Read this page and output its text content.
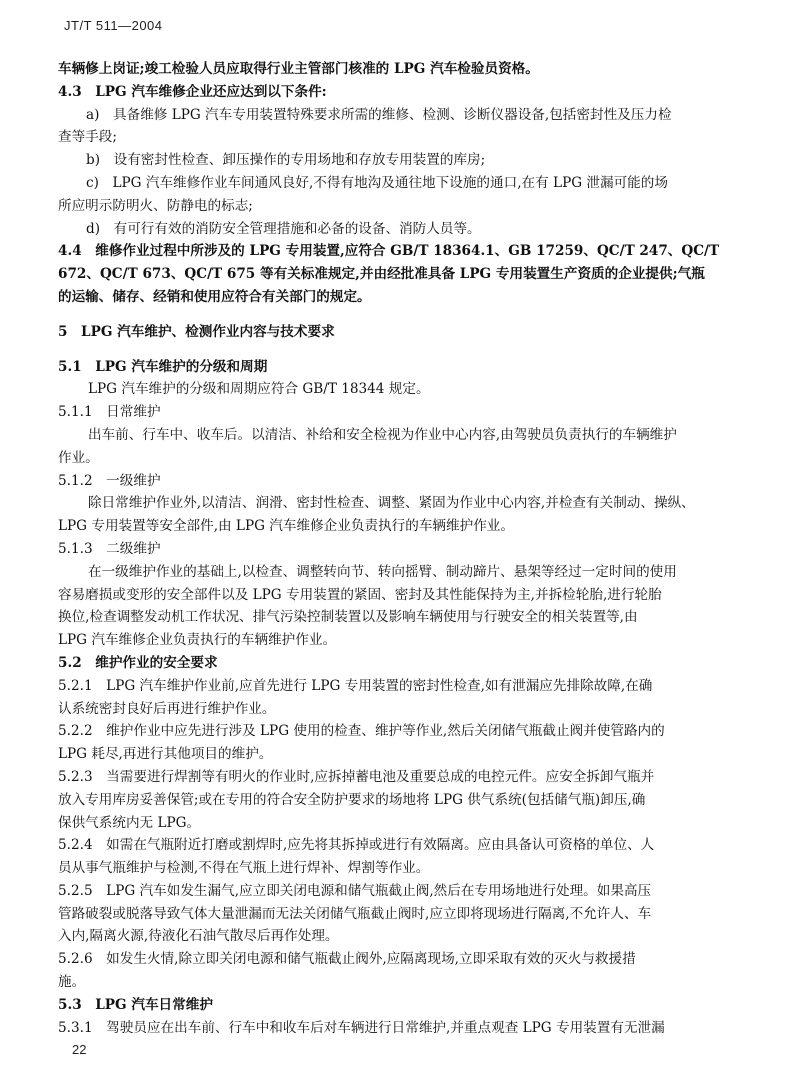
JT/T 511—2004
车辆修上岗证;竣工检验人员应取得行业主管部门核准的 LPG 汽车检验员资格。
4.3　LPG 汽车维修企业还应达到以下条件:
a)　具备维修 LPG 汽车专用装置特殊要求所需的维修、检测、诊断仪器设备,包括密封性及压力检
查等手段;
b)　设有密封性检查、卸压操作的专用场地和存放专用装置的库房;
c)　LPG 汽车维修作业车间通风良好,不得有地沟及通往地下设施的通口,在有 LPG 泄漏可能的场
所应明示防明火、防静电的标志;
d)　有可行有效的消防安全管理措施和必备的设备、消防人员等。
4.4　维修作业过程中所涉及的 LPG 专用装置,应符合 GB/T 18364.1、GB 17259、QC/T 247、QC/T
672、QC/T 673、QC/T 675 等有关标准规定,并由经批准具备 LPG 专用装置生产资质的企业提供;气瓶
的运输、储存、经销和使用应符合有关部门的规定。
5　LPG 汽车维护、检测作业内容与技术要求
5.1　LPG 汽车维护的分级和周期
LPG 汽车维护的分级和周期应符合 GB/T 18344 规定。
5.1.1　日常维护
出车前、行车中、收车后。以清洁、补给和安全检视为作业中心内容,由驾驶员负责执行的车辆维护
作业。
5.1.2　一级维护
除日常维护作业外,以清洁、润滑、密封性检查、调整、紧固为作业中心内容,并检查有关制动、操纵、
LPG 专用装置等安全部件,由 LPG 汽车维修企业负责执行的车辆维护作业。
5.1.3　二级维护
在一级维护作业的基础上,以检查、调整转向节、转向摇臂、制动蹄片、悬架等经过一定时间的使用
容易磨损或变形的安全部件以及 LPG 专用装置的紧固、密封及其性能保持为主,并拆检轮胎,进行轮胎
换位,检查调整发动机工作状况、排气污染控制装置以及影响车辆使用与行驶安全的相关装置等,由
LPG 汽车维修企业负责执行的车辆维护作业。
5.2　维护作业的安全要求
5.2.1　LPG 汽车维护作业前,应首先进行 LPG 专用装置的密封性检查,如有泄漏应先排除故障,在确
认系统密封良好后再进行维护作业。
5.2.2　维护作业中应先进行涉及 LPG 使用的检查、维护等作业,然后关闭储气瓶截止阀并使管路内的
LPG 耗尽,再进行其他项目的维护。
5.2.3　当需要进行焊割等有明火的作业时,应拆掉蓄电池及重要总成的电控元件。应安全拆卸气瓶并
放入专用库房妥善保管;或在专用的符合安全防护要求的场地将 LPG 供气系统(包括储气瓶)卸压,确
保供气系统内无 LPG。
5.2.4　如需在气瓶附近打磨或割焊时,应先将其拆掉或进行有效隔离。应由具备认可资格的单位、人
员从事气瓶维护与检测,不得在气瓶上进行焊补、焊割等作业。
5.2.5　LPG 汽车如发生漏气,应立即关闭电源和储气瓶截止阀,然后在专用场地进行处理。如果高压
管路破裂或脱落导致气体大量泄漏而无法关闭储气瓶截止阀时,应立即将现场进行隔离,不允许人、车
入内,隔离火源,待液化石油气散尽后再作处理。
5.2.6　如发生火情,除立即关闭电源和储气瓶截止阀外,应隔离现场,立即采取有效的灭火与救援措
施。
5.3　LPG 汽车日常维护
5.3.1　驾驶员应在出车前、行车中和收车后对车辆进行日常维护,并重点观查 LPG 专用装置有无泄漏
22
